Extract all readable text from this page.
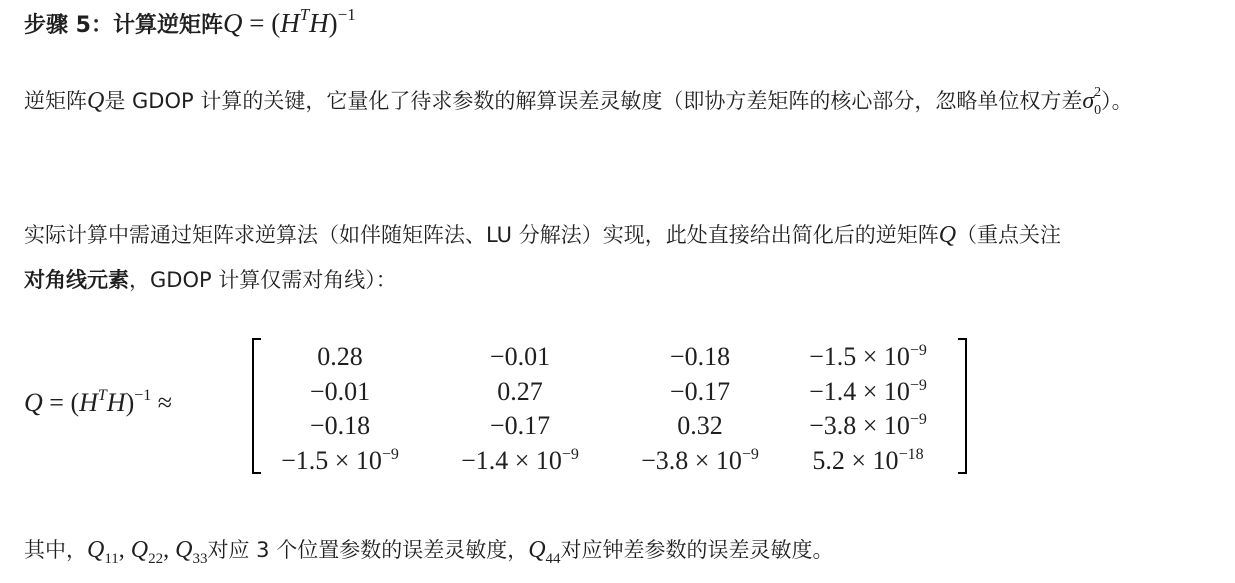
步骤 5：计算逆矩阵$Q = (H^TH)^{-1}$
逆矩阵Q是 GDOP 计算的关键，它量化了待求参数的解算误差灵敏度（即协方差矩阵的核心部分，忽略单位权方差$\sigma^2_0$）。
实际计算中需通过矩阵求逆算法（如伴随矩阵法、LU 分解法）实现，此处直接给出简化后的逆矩阵Q（重点关注
对角线元素，GDOP 计算仅需对角线）：
$Q = (H^TH)^{-1}$ ≈
0.28	−0.01	−0.18	$-1.5 \times 10^{-9}$
−0.01	0.27	−0.17	$-1.4 \times 10^{-9}$
−0.18	−0.17	0.32	$-3.8 \times 10^{-9}$
$-1.5 \times 10^{-9}$	$-1.4 \times 10^{-9}$	$-3.8 \times 10^{-9}$	$5.2 \times 10^{-18}$
其中，$Q_{11}$, $Q_{22}$, $Q_{33}$对应 3 个位置参数的误差灵敏度，$Q_{44}$对应钟差参数的误差灵敏度。
